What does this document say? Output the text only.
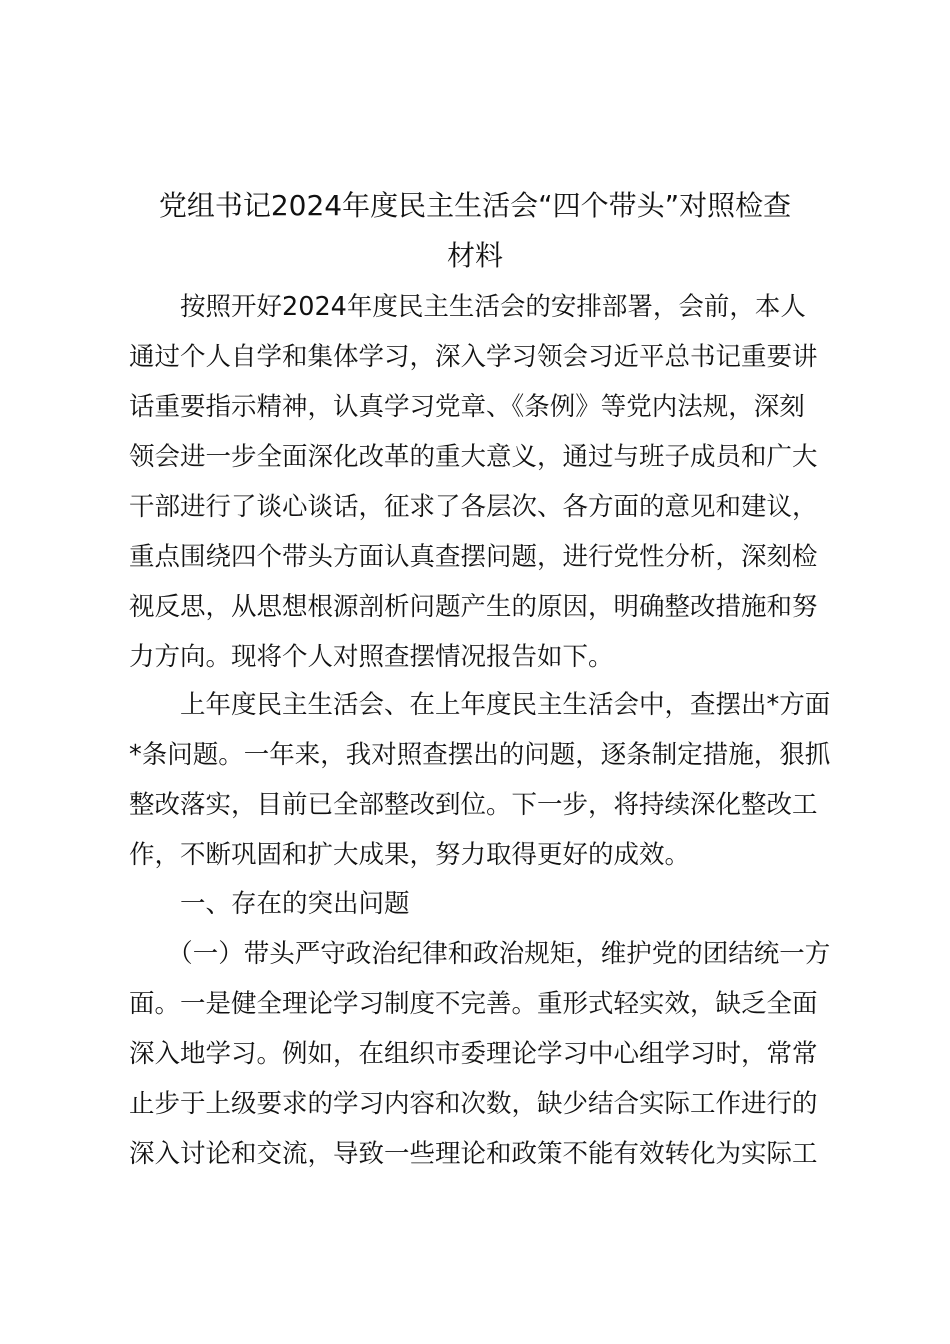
党组书记2024年度民主生活会“四个带头”对照检查
材料

　　按照开好2024年度民主生活会的安排部署，会前，本人

通过个人自学和集体学习，深入学习领会习近平总书记重要讲

话重要指示精神，认真学习党章、《条例》等党内法规，深刻

领会进一步全面深化改革的重大意义，通过与班子成员和广大

干部进行了谈心谈话，征求了各层次、各方面的意见和建议，

重点围绕四个带头方面认真查摆问题，进行党性分析，深刻检

视反思，从思想根源剖析问题产生的原因，明确整改措施和努

力方向。现将个人对照查摆情况报告如下。

　　上年度民主生活会、在上年度民主生活会中，查摆出*方面

*条问题。一年来，我对照查摆出的问题，逐条制定措施，狠抓

整改落实，目前已全部整改到位。下一步，将持续深化整改工

作，不断巩固和扩大成果，努力取得更好的成效。

　　一、存在的突出问题

　　（一）带头严守政治纪律和政治规矩，维护党的团结统一方

面。一是健全理论学习制度不完善。重形式轻实效，缺乏全面

深入地学习。例如，在组织市委理论学习中心组学习时，常常

止步于上级要求的学习内容和次数，缺少结合实际工作进行的

深入讨论和交流，导致一些理论和政策不能有效转化为实际工
